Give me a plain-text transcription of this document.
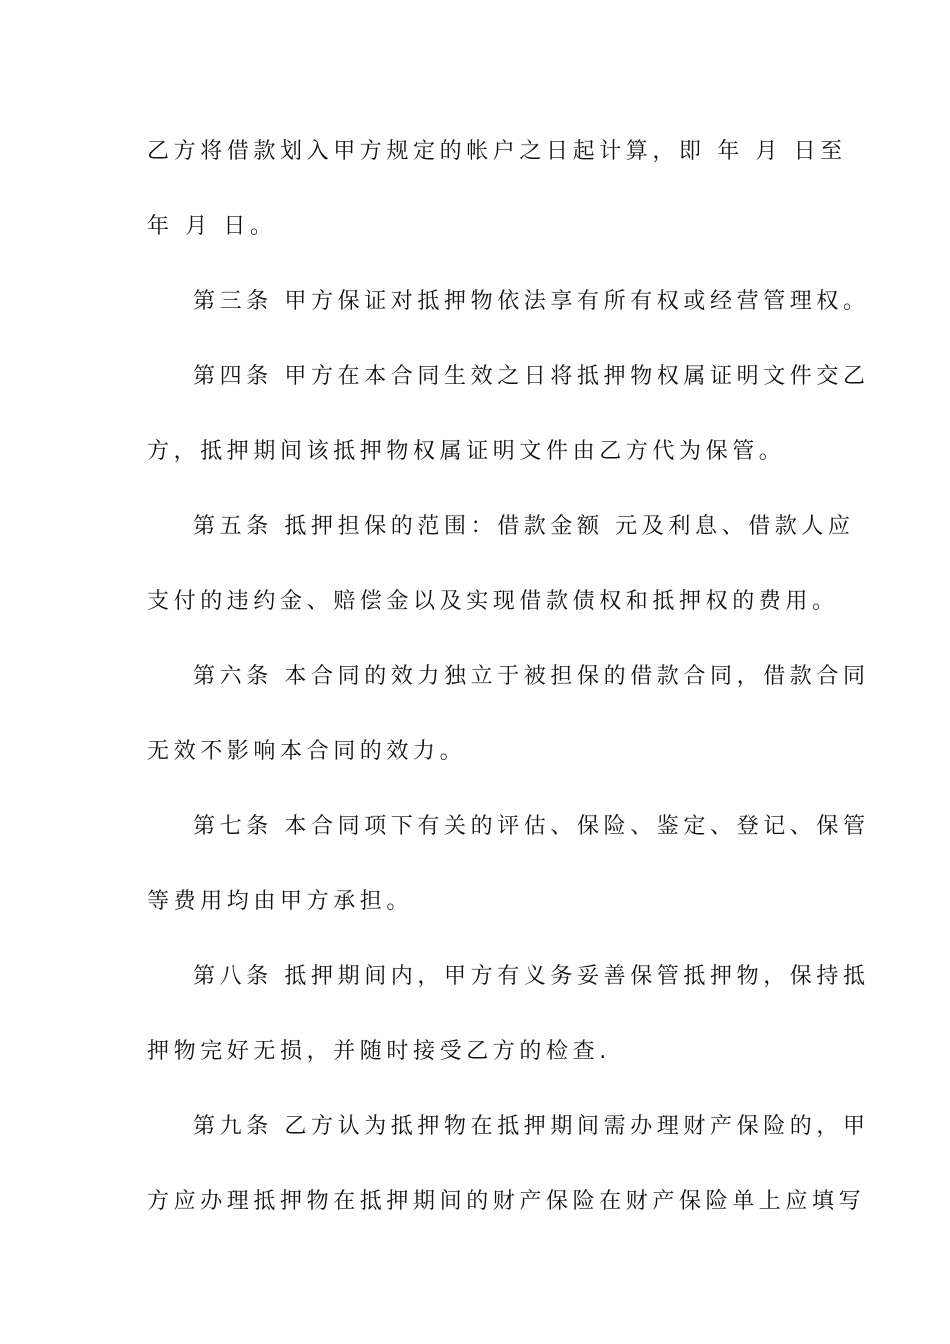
乙方将借款划入甲方规定的帐户之日起计算，即 年 月 日至
年 月 日。
第三条 甲方保证对抵押物依法享有所有权或经营管理权。
第四条 甲方在本合同生效之日将抵押物权属证明文件交乙
方，抵押期间该抵押物权属证明文件由乙方代为保管。
第五条 抵押担保的范围：借款金额 元及利息、借款人应
支付的违约金、赔偿金以及实现借款债权和抵押权的费用。
第六条 本合同的效力独立于被担保的借款合同，借款合同
无效不影响本合同的效力。
第七条 本合同项下有关的评估、保险、鉴定、登记、保管
等费用均由甲方承担。
第八条 抵押期间内，甲方有义务妥善保管抵押物，保持抵
押物完好无损，并随时接受乙方的检查.
第九条 乙方认为抵押物在抵押期间需办理财产保险的，甲
方应办理抵押物在抵押期间的财产保险在财产保险单上应填写
